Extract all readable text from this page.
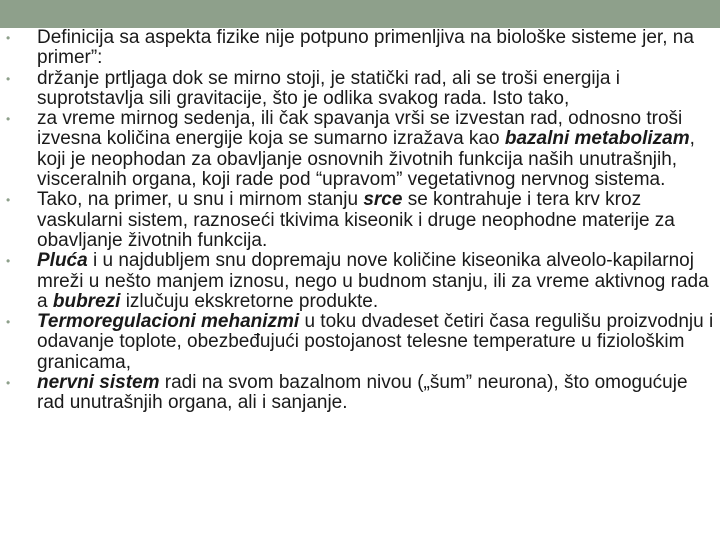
•	Definicija sa aspekta fizike nije potpuno primenljiva na biološke sisteme jer, na primer”:
•	držanje prtljaga dok se mirno stoji, je statički rad, ali se troši energija i suprotstavlja sili gravitacije, što je odlika svakog rada. Isto tako,
•	za vreme mirnog sedenja, ili čak spavanja vrši se izvestan rad, odnosno troši izvesna količina energije koja se sumarno izražava kao bazalni metabolizam, koji je neophodan za obavljanje osnovnih životnih funkcija naših unutrašnjih, visceralnih organa, koji rade pod “upravom” vegetativnog nervnog sistema.
•	Tako, na primer, u snu i mirnom stanju srce se kontrahuje i tera krv kroz vaskularni sistem, raznoseći tkivima kiseonik i druge neophodne materije za obavljanje životnih funkcija.
•	Pluća i u najdubljem snu dopremaju nove količine kiseonika alveolo-kapilarnoj mreži u nešto manjem iznosu, nego u budnom stanju, ili za vreme aktivnog rada a bubrezi izlučuju ekskretorne produkte.
•	Termoregulacioni mehanizmi u toku dvadeset četiri časa regulišu proizvodnju i odavanje toplote, obezbeđujući postojanost telesne temperature u fiziološkim granicama,
•	nervni sistem radi na svom bazalnom nivou („šum” neurona), što omogućuje rad unutrašnjih organa, ali i sanjanje.
